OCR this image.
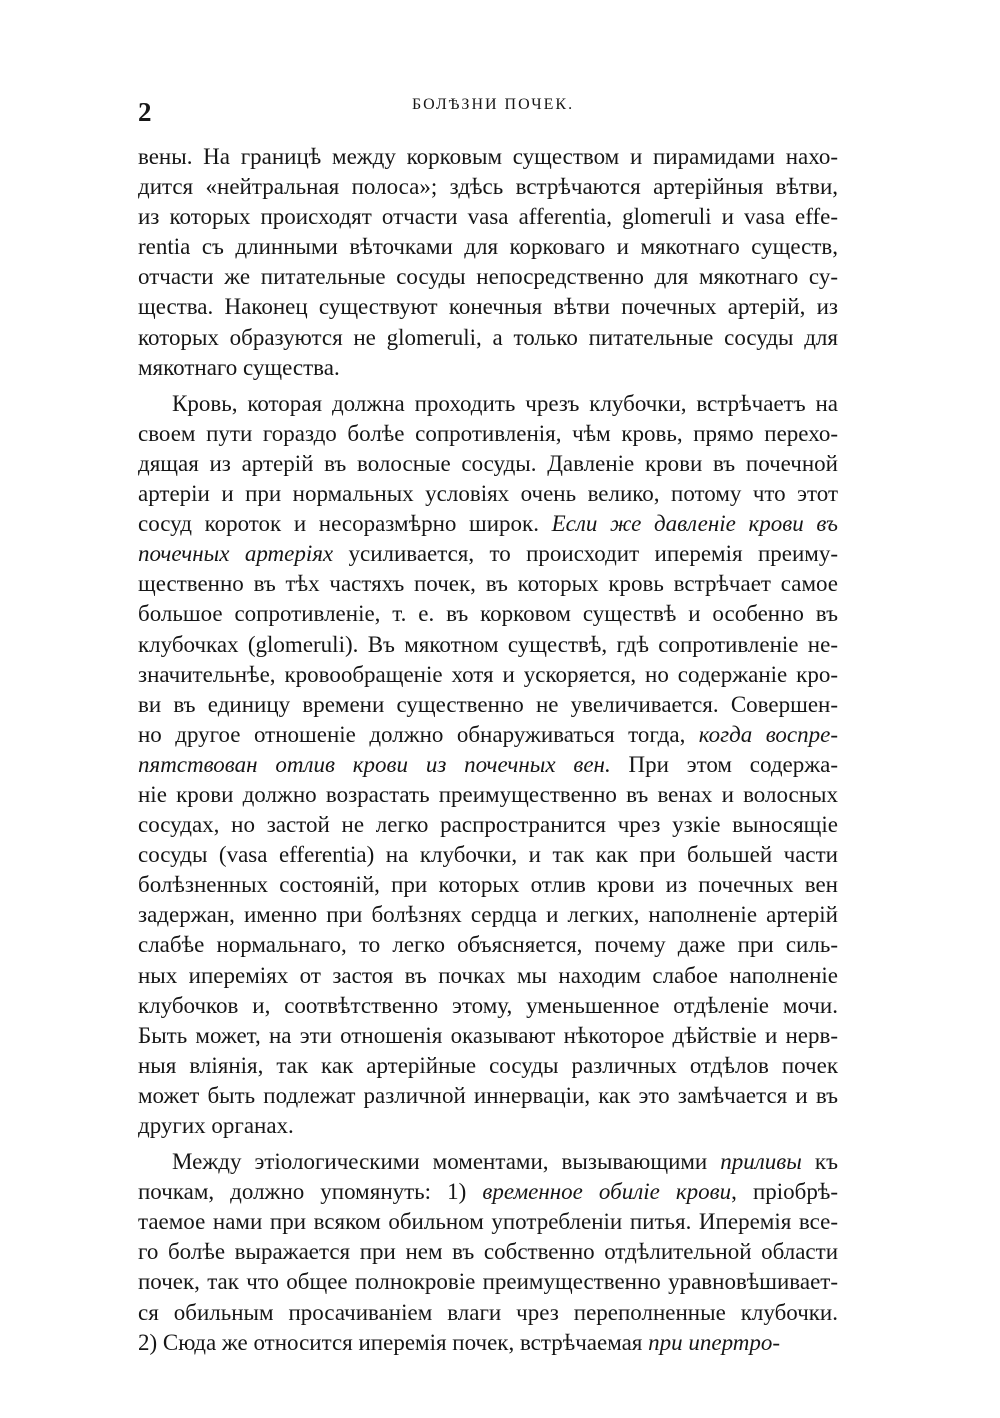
2	БОЛѢЗНИ ПОЧЕК.
вены. На границѣ между корковым существом и пирамидами нахо-
дится «нейтральная полоса»; здѣсь встрѣчаются артерійныя вѣтви,
из которых происходят отчасти vasa afferentia, glomeruli и vasa effe-
rentia съ длинными вѣточками для корковаго и мякотнаго существ,
отчасти же питательные сосуды непосредственно для мякотнаго су-
щества. Наконец существуют конечныя вѣтви почечных артерій, из
которых образуются не glomeruli, а только питательные сосуды для
мякотнаго существа.
Кровь, которая должна проходить чрезъ клубочки, встрѣчаетъ на
своем пути гораздо болѣе сопротивленія, чѣм кровь, прямо перехо-
дящая из артерій въ волосные сосуды. Давленіе крови въ почечной
артеріи и при нормальных условіях очень велико, потому что этот
сосуд короток и несоразмѣрно широк. Если же давленіе крови въ
почечных артеріях усиливается, то происходит иперемія преиму-
щественно въ тѣх частяхъ почек, въ которых кровь встрѣчает самое
большое сопротивленіе, т. е. въ корковом существѣ и особенно въ
клубочках (glomeruli). Въ мякотном существѣ, гдѣ сопротивленіе не-
значительнѣе, кровообращеніе хотя и ускоряется, но содержаніе кро-
ви въ единицу времени существенно не увеличивается. Совершен-
но другое отношеніе должно обнаруживаться тогда, когда воспре-
пятствован отлив крови из почечных вен. При этом содержа-
ніе крови должно возрастать преимущественно въ венах и волосных
сосудах, но застой не легко распространится чрез узкіе выносящіе
сосуды (vasa efferentia) на клубочки, и так как при большей части
болѣзненных состояній, при которых отлив крови из почечных вен
задержан, именно при болѣзнях сердца и легких, наполненіе артерій
слабѣе нормальнаго, то легко объясняется, почему даже при силь-
ных ипереміях от застоя въ почках мы находим слабое наполненіе
клубочков и, соотвѣтственно этому, уменьшенное отдѣленіе мочи.
Быть может, на эти отношенія оказывают нѣкоторое дѣйствіе и нерв-
ныя вліянія, так как артерійные сосуды различных отдѣлов почек
может быть подлежат различной иннерваціи, как это замѣчается и въ
других органах.
Между этіологическими моментами, вызывающими приливы къ
почкам, должно упомянуть: 1) временное обиліе крови, пріобрѣ-
таемое нами при всяком обильном употребленіи питья. Иперемія все-
го болѣе выражается при нем въ собственно отдѣлительной области
почек, так что общее полнокровіе преимущественно уравновѣшивает-
ся обильным просачиваніем влаги чрез переполненные клубочки.
2) Сюда же относится иперемія почек, встрѣчаемая при ипертро-
